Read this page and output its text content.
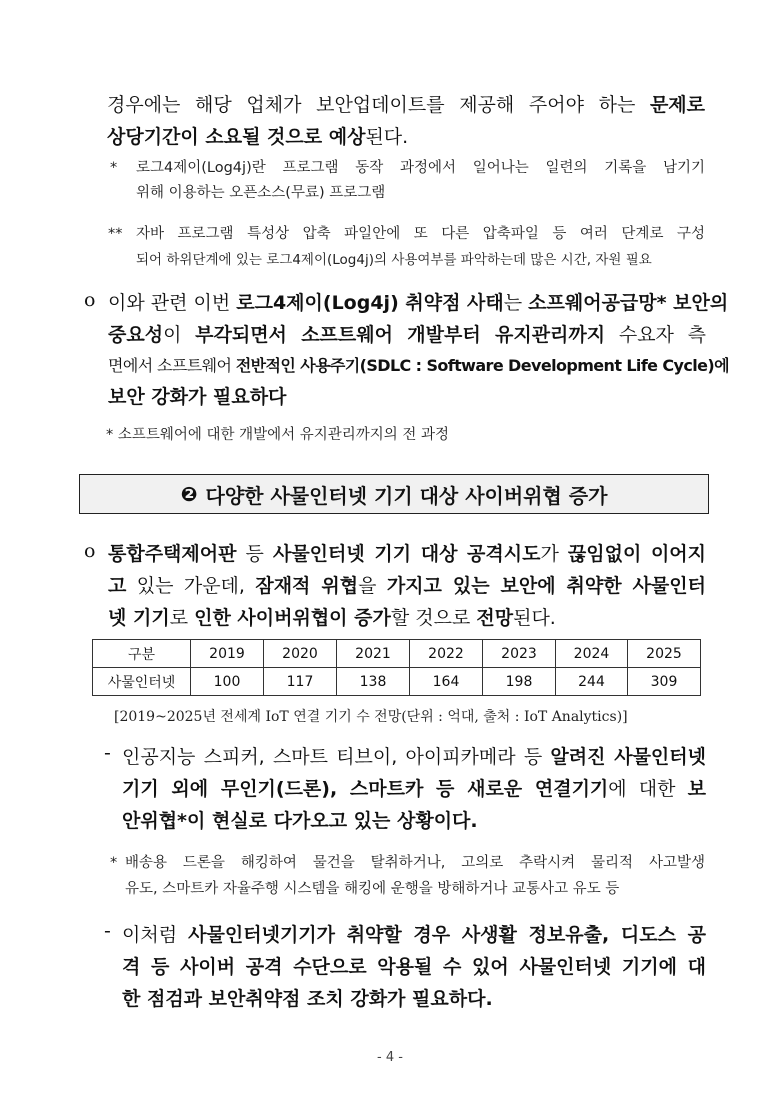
경우에는 해당 업체가 보안업데이트를 제공해 주어야 하는 문제로
상당기간이 소요될 것으로 예상된다.
* 로그4제이(Log4j)란 프로그램 동작 과정에서 일어나는 일련의 기록을 남기기
위해 이용하는 오픈소스(무료) 프로그램
** 자바 프로그램 특성상 압축 파일안에 또 다른 압축파일 등 여러 단계로 구성
되어 하위단계에 있는 로그4제이(Log4j)의 사용여부를 파악하는데 많은 시간, 자원 필요
o 이와 관련 이번 로그4제이(Log4j) 취약점 사태는 소프웨어공급망* 보안의
중요성이 부각되면서 소프트웨어 개발부터 유지관리까지 수요자 측
면에서 소프트웨어 전반적인 사용주기(SDLC : Software Development Life Cycle)에
보안 강화가 필요하다
* 소프트웨어에 대한 개발에서 유지관리까지의 전 과정
❷ 다양한 사물인터넷 기기 대상 사이버위협 증가
o 통합주택제어판 등 사물인터넷 기기 대상 공격시도가 끊임없이 이어지
고 있는 가운데, 잠재적 위협을 가지고 있는 보안에 취약한 사물인터
넷 기기로 인한 사이버위협이 증가할 것으로 전망된다.
구분	2019	2020	2021	2022	2023	2024	2025
사물인터넷	100	117	138	164	198	244	309
[2019~2025년 전세계 IoT 연결 기기 수 전망(단위 : 억대, 출처 : IoT Analytics)]
- 인공지능 스피커, 스마트 티브이, 아이피카메라 등 알려진 사물인터넷
기기 외에 무인기(드론), 스마트카 등 새로운 연결기기에 대한 보
안위협*이 현실로 다가오고 있는 상황이다.
* 배송용 드론을 해킹하여 물건을 탈취하거나, 고의로 추락시켜 물리적 사고발생
유도, 스마트카 자율주행 시스템을 해킹에 운행을 방해하거나 교통사고 유도 등
- 이처럼 사물인터넷기기가 취약할 경우 사생활 정보유출, 디도스 공
격 등 사이버 공격 수단으로 악용될 수 있어 사물인터넷 기기에 대
한 점검과 보안취약점 조치 강화가 필요하다.
- 4 -
